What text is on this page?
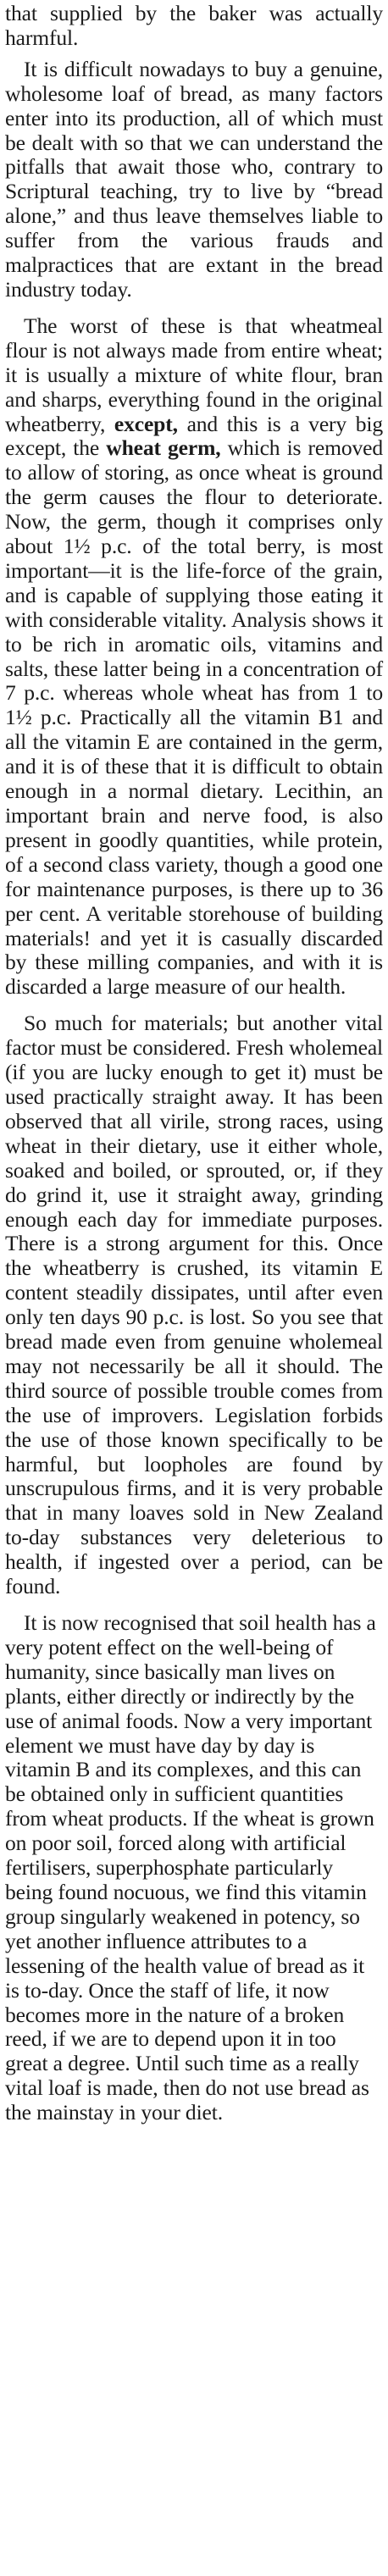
that supplied by the baker was actually harmful.

It is difficult nowadays to buy a genuine, wholesome loaf of bread, as many factors enter into its production, all of which must be dealt with so that we can understand the pitfalls that await those who, contrary to Scriptural teaching, try to live by “bread alone,” and thus leave themselves liable to suffer from the various frauds and malpractices that are extant in the bread industry today.

The worst of these is that wheatmeal flour is not always made from entire wheat; it is usually a mixture of white flour, bran and sharps, everything found in the original wheatberry, except, and this is a very big except, the wheat germ, which is removed to allow of storing, as once wheat is ground the germ causes the flour to deteriorate. Now, the germ, though it comprises only about 1½ p.c. of the total berry, is most important—it is the life-force of the grain, and is capable of supplying those eating it with considerable vitality. Analysis shows it to be rich in aromatic oils, vitamins and salts, these latter being in a concentration of 7 p.c. whereas whole wheat has from 1 to 1½ p.c. Practically all the vitamin B1 and all the vitamin E are contained in the germ, and it is of these that it is difficult to obtain enough in a normal dietary. Lecithin, an important brain and nerve food, is also present in goodly quantities, while protein, of a second class variety, though a good one for maintenance purposes, is there up to 36 per cent. A veritable storehouse of building materials! and yet it is casually discarded by these milling companies, and with it is discarded a large measure of our health.

So much for materials; but another vital factor must be considered. Fresh wholemeal (if you are lucky enough to get it) must be used practically straight away. It has been observed that all virile, strong races, using wheat in their dietary, use it either whole, soaked and boiled, or sprouted, or, if they do grind it, use it straight away, grinding enough each day for immediate purposes. There is a strong argument for this. Once the wheatberry is crushed, its vitamin E content steadily dissipates, until after even only ten days 90 p.c. is lost. So you see that bread made even from genuine wholemeal may not necessarily be all it should. The third source of possible trouble comes from the use of improvers. Legislation forbids the use of those known specifically to be harmful, but loopholes are found by unscrupulous firms, and it is very probable that in many loaves sold in New Zealand to-day substances very deleterious to health, if ingested over a period, can be found.

It is now recognised that soil health has a very potent effect on the well-being of humanity, since basically man lives on plants, either directly or indirectly by the use of animal foods. Now a very important element we must have day by day is vitamin B and its complexes, and this can be obtained only in sufficient quantities from wheat products. If the wheat is grown on poor soil, forced along with artificial fertilisers, superphosphate particularly being found nocuous, we find this vitamin group singularly weakened in potency, so yet another influence attributes to a lessening of the health value of bread as it is to-day. Once the staff of life, it now becomes more in the nature of a broken reed, if we are to depend upon it in too great a degree. Until such time as a really vital loaf is made, then do not use bread as the mainstay in your diet.
